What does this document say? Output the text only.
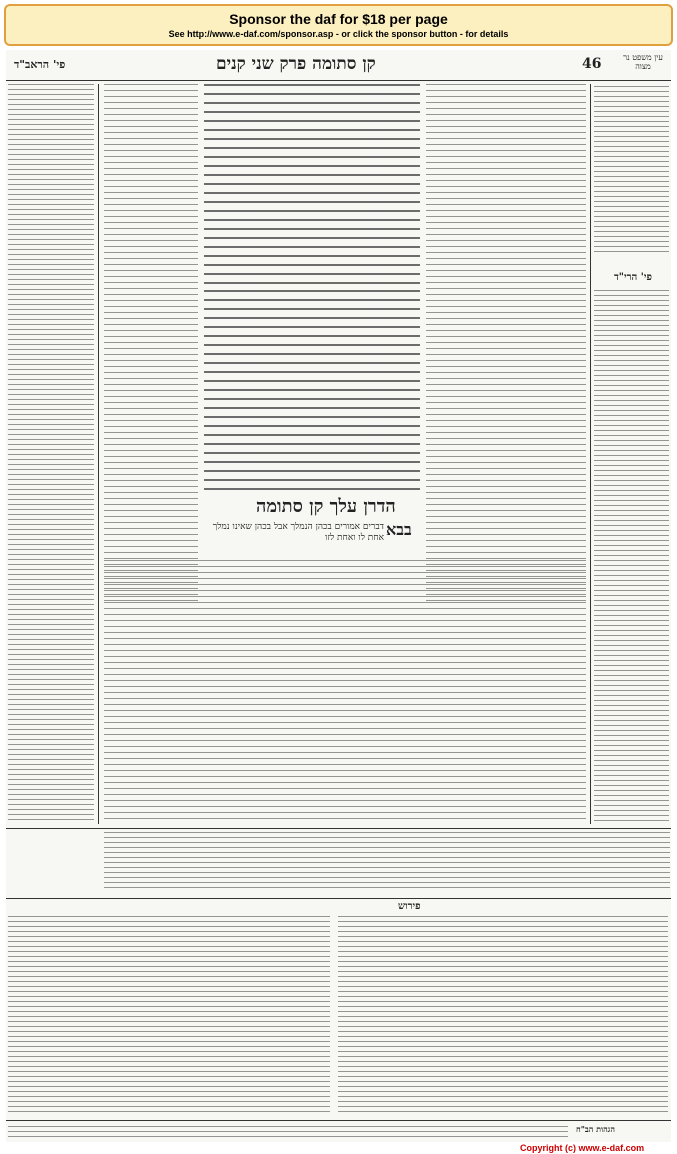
Sponsor the daf for $18 per page
See http://www.e-daf.com/sponsor.asp - or click the sponsor button - for details
פי' הראב"ד	קן סתומה פרק שני קנים	46	עין משפט נר מצוה
הדרן עלך קן סתומה
בבא
דברים אמורים בכהן הנמלך אבל בכהן שאינו נמלך אחת לו ואחת לזו
פי' הרי"ד
פירוש
הגהות הב"ח
Copyright (c) www.e-daf.com
